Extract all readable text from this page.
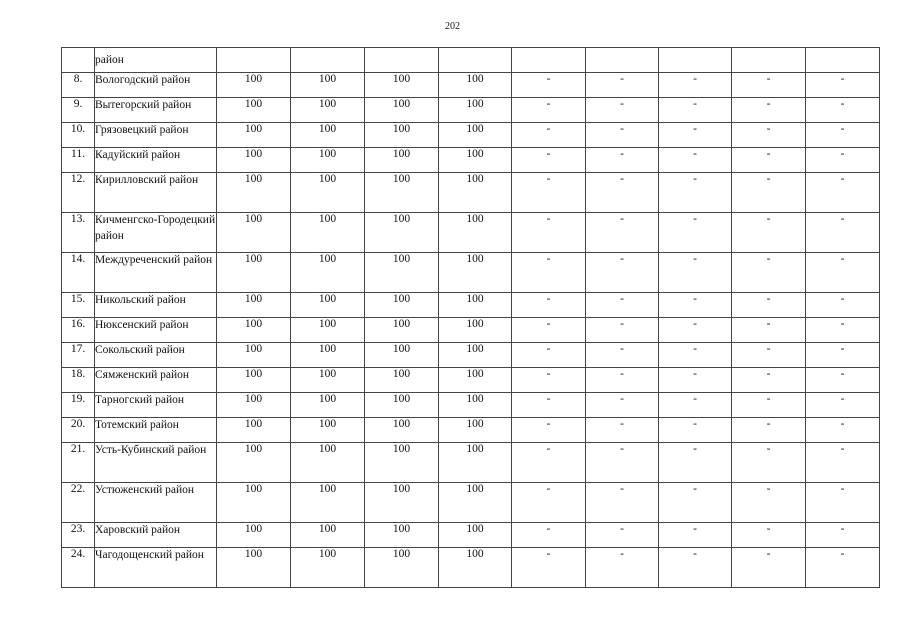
202
	район									
8.	Вологодский район	100	100	100	100	-	-	-	-	-
9.	Вытегорский район	100	100	100	100	-	-	-	-	-
10.	Грязовецкий район	100	100	100	100	-	-	-	-	-
11.	Кадуйский район	100	100	100	100	-	-	-	-	-
12.	Кирилловский район	100	100	100	100	-	-	-	-	-
13.	Кичменгско-Городецкий район	100	100	100	100	-	-	-	-	-
14.	Междуреченский район	100	100	100	100	-	-	-	-	-
15.	Никольский район	100	100	100	100	-	-	-	-	-
16.	Нюксенский район	100	100	100	100	-	-	-	-	-
17.	Сокольский район	100	100	100	100	-	-	-	-	-
18.	Сямженский район	100	100	100	100	-	-	-	-	-
19.	Тарногский район	100	100	100	100	-	-	-	-	-
20.	Тотемский район	100	100	100	100	-	-	-	-	-
21.	Усть-Кубинский район	100	100	100	100	-	-	-	-	-
22.	Устюженский район	100	100	100	100	-	-	-	-	-
23.	Харовский район	100	100	100	100	-	-	-	-	-
24.	Чагодощенский район	100	100	100	100	-	-	-	-	-
